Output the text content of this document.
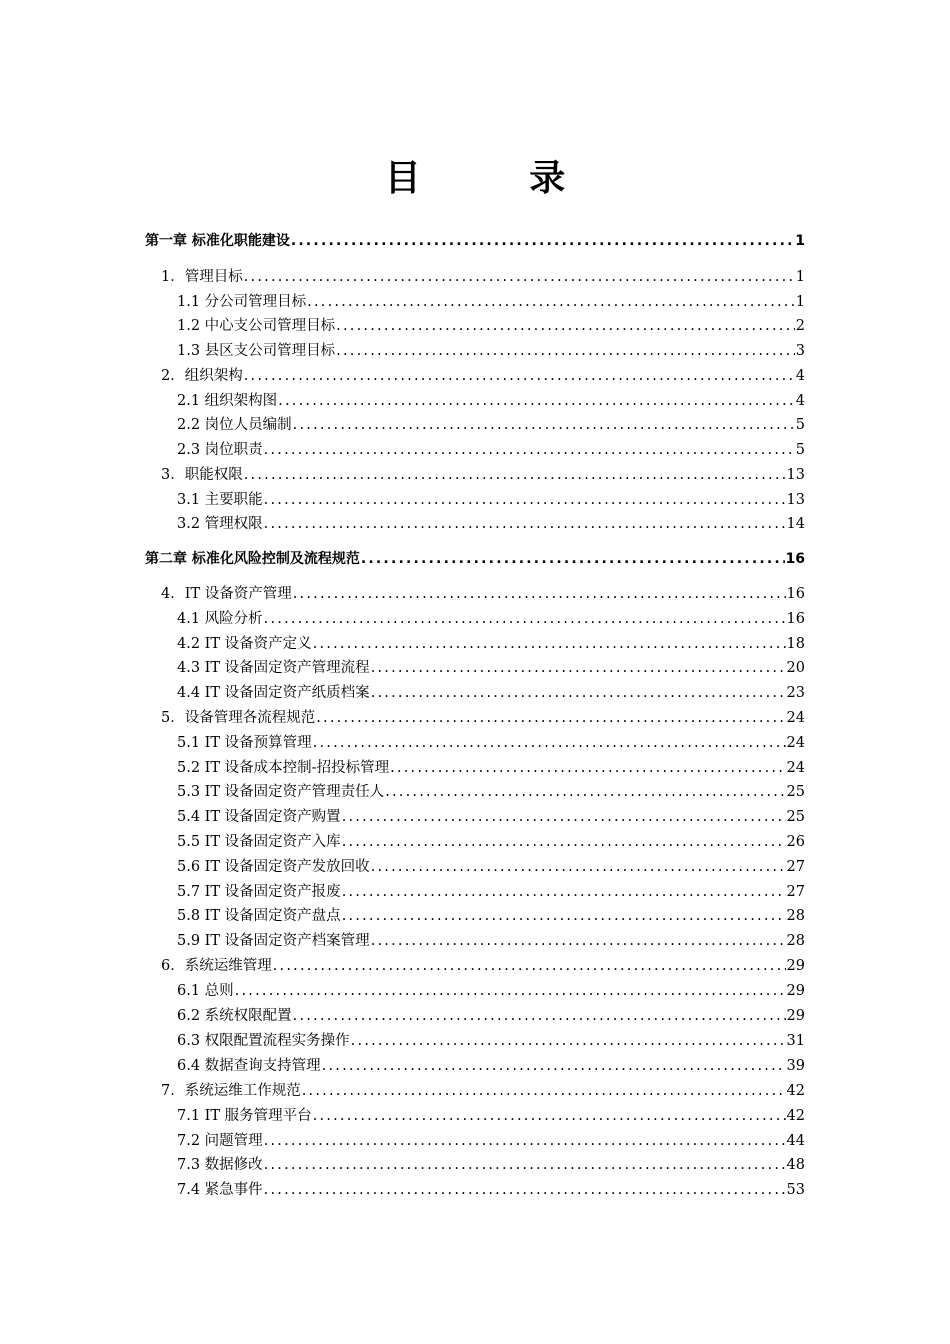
目 录
第一章 标准化职能建设 .....	1
1．管理目标 .....	1
1.1 分公司管理目标 .....	1
1.2 中心支公司管理目标 .....	2
1.3 县区支公司管理目标 .....	3
2．组织架构 .....	4
2.1 组织架构图 .....	4
2.2 岗位人员编制 .....	5
2.3 岗位职责 .....	5
3．职能权限 .....	13
3.1 主要职能 .....	13
3.2 管理权限 .....	14
第二章 标准化风险控制及流程规范 .....	16
4．IT 设备资产管理 .....	16
4.1 风险分析 .....	16
4.2 IT 设备资产定义 .....	18
4.3 IT 设备固定资产管理流程 .....	20
4.4 IT 设备固定资产纸质档案 .....	23
5．设备管理各流程规范 .....	24
5.1 IT 设备预算管理 .....	24
5.2 IT 设备成本控制-招投标管理 .....	24
5.3 IT 设备固定资产管理责任人 .....	25
5.4 IT 设备固定资产购置 .....	25
5.5 IT 设备固定资产入库 .....	26
5.6 IT 设备固定资产发放回收 .....	27
5.7 IT 设备固定资产报废 .....	27
5.8 IT 设备固定资产盘点 .....	28
5.9 IT 设备固定资产档案管理 .....	28
6．系统运维管理 .....	29
6.1 总则 .....	29
6.2 系统权限配置 .....	29
6.3 权限配置流程实务操作 .....	31
6.4 数据查询支持管理 .....	39
7．系统运维工作规范 .....	42
7.1 IT 服务管理平台 .....	42
7.2 问题管理 .....	44
7.3 数据修改 .....	48
7.4 紧急事件 .....	53
